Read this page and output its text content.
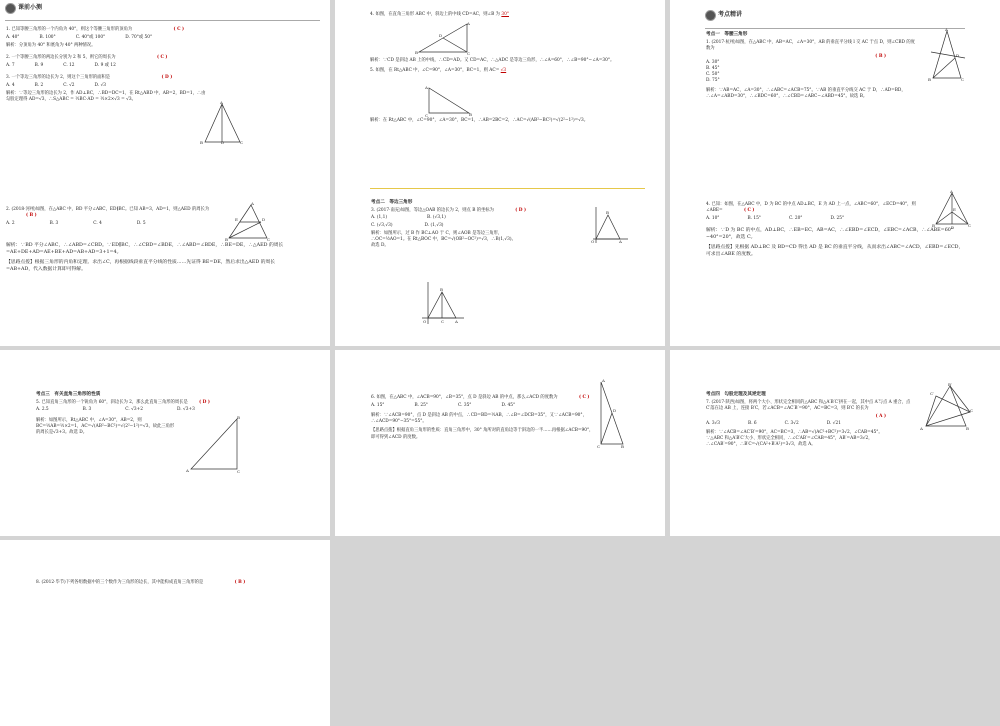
课前小测
1. 已知等腰三角形的一个内角为 40°，则这个等腰三角形的顶角为	( C )
A. 40°	B. 100°	C. 40°或 100°	D. 70°或 50°
解析：分顶角为 40° 和底角为 40° 两种情况。
2. 一个等腰三角形的两边长分别为 2 和 5，则它的周长为	( C )
A. 7	B. 9	C. 12	D. 9 或 12
3. 一个等边三角形的边长为 2，则这个三角形的面积是	( D )
A. 4	B. 2	C. √2	D. √3
解析：∵等边三角形的边长为 2，作 AD⊥BC，∴BD=DC=1，在 Rt△ABD 中，AB=2，BD=1，∴由勾股定理得 AD=√3，∴S△ABC = ½BC·AD = ½×2×√3 = √3。
A
B	D	C
4. 如图，在直角三角形 ABC 中，斜边上的中线 CD=AC，则∠B 为 30°
A
B	C
D
解析：∵CD 是斜边 AB 上的中线，∴CD=AD。又 CD=AC，∴△ADC 是等边三角形，∴∠A=60°，∴∠B=90°−∠A=30°。
5. 如图，在 Rt△ABC 中，∠C=90°，∠A=30°，BC=1，则 AC= √3
A
C	B
解析：在 Rt△ABC 中，∠C=90°，∠A=30°，BC=1，∴AB=2BC=2，∴AC=√(AB²−BC²)=√(2²−1²)=√3。
考点精讲
考点一　等腰三角形
1. (2017·杭州)如图，在△ABC 中，AB=AC，∠A=30°，AB 的垂直平分线 l 交 AC 于点 D，则∠CBD 的度数为
( B )
A. 30°
B. 45°
C. 50°
D. 75°
解析：∵AB=AC，∠A=30°，∴∠ABC=∠ACB=75°。∵AB 的垂直平分线交 AC 于 D，∴AD=BD，∴∠A=∠ABD=30°，∴∠BDC=60°，∴∠CBD=∠ABC−∠ABD=45°。故选 B。
A
B	C
D
2. (2018·河州)如图，在△ABC 中，BD 平分∠ABC，ED∥BC。已知 AB=3，AD=1，则△AED 的周长为 ( B )
A. 2	B. 3	C. 4	D. 5
解析：∵BD 平分∠ABC，∴∠ABD=∠CBD。∵ED∥BC，∴∠CBD=∠BDE，∴∠ABD=∠BDE，∴BE=DE，∴△AED 的周长=AE+DE+AD=AE+BE+AD=AB+AD=3+1=4。
【思路点拨】根据三角形的内角和定理、求出∠C，再根据线段垂直平分线的性质……先证得 BE=DE，然后求出△AED 的周长=AB+AD，代入数据计算即可得解。
A
B	C
E	D
考点二　等边三角形
3. (2017·南充)如图，等边△OAB 的边长为 2，则点 B 的坐标为	( D )
A. (1,1)	B. (√3,1)
C. (√3,√3)	D. (1,√3)
解析：如图所示，过 B 作 BC⊥AO 于 C，则∠AOB 是等边三角形，∴OC=½AO=1。在 Rt△BOC 中，BC=√(OB²−OC²)=√3，∴B(1,√3)。故选 D。
B
O	A
B
O	C	A
4. 已知：如图，在△ABC 中，D 为 BC 的中点 AD⊥BC，E 为 AD 上一点，∠ABC=60°，∠ECD=40°，则∠ABE=	( C )
A. 10°	B. 15°	C. 20°	D. 25°
解析：∵D 为 BC 的中点，AD⊥BC，∴EB=EC，AB=AC，∴∠EBD=∠ECD，∠EBC=∠ACB，∴∠ABE=60°−40°=20°，故选 C。
【思路点拨】先根据 AD⊥BC 及 BD=CD 得出 AD 是 BC 的垂直平分线，从而求出∠ABC=∠ACD，∠EBD=∠ECD，可求出∠ABE 的度数。
A
B	D	C
E
考点三　有关直角三角形的性质
5. 已知直角三角形的一个锐角为 60°，斜边长为 2，那么此直角三角形的周长是	( D )
A. 2.5	B. 3	C. √3+2	D. √3+3
解析：如图所示，Rt△ABC 中，∠A=30°，AB=2，则 BC=½AB=½×2=1，AC=√(AB²−BC²)=√(2²−1²)=√3，故此三角形的周长是√3+3。故选 D。
B
A	C
6. 如图，在△ABC 中，∠ACB=90°，∠B=35°，点 D 是斜边 AB 的中点，那么∠ACD 的度数为	( C )
A. 15°	B. 25°	C. 35°	D. 45°
解析：∵∠ACB=90°，点 D 是斜边 AB 的中点，∴CD=BD=½AB，∴∠B=∠DCB=35°，又∵∠ACB=90°，∴∠ACD=90°−35°=55°。
【思路点拨】根据直角三角形的性质：直角三角形中，30° 角所对的直角边等于斜边的一半……再根据∠ACB=90°，即可得到∠ACD 的度数。
A
C	B
D
考点四　勾股定理及其逆定理
7. (2017·陕西)如图，将两个大小、形状完全相同的△ABC 和△A′B′C′拼在一起，其中点 A′与点 A 重合，点 C′落在边 AB 上，连接 B′C，若∠ACB=∠AC′B′=90°，AC=BC=3，则 B′C 的长为
( A )
A. 3√3	B. 6	C. 3√2	D. √21
解析：∵∠ACB=∠AC′B′=90°，AC=BC=3，∴AB=√(AC²+BC²)=3√2，∠CAB=45°。∵△ABC 和△A′B′C′大小、形状完全相同，∴∠C′AB′=∠CAB=45°，AB′=AB=3√2，∴∠CAB′=90°，∴B′C=√(CA²+B′A²)=3√3，故选 A。
B′
A	B
C′
C
8. (2012·毕节)下列各组数据中的三个数作为三角形的边长，其中能构成直角三角形的是	( B )
